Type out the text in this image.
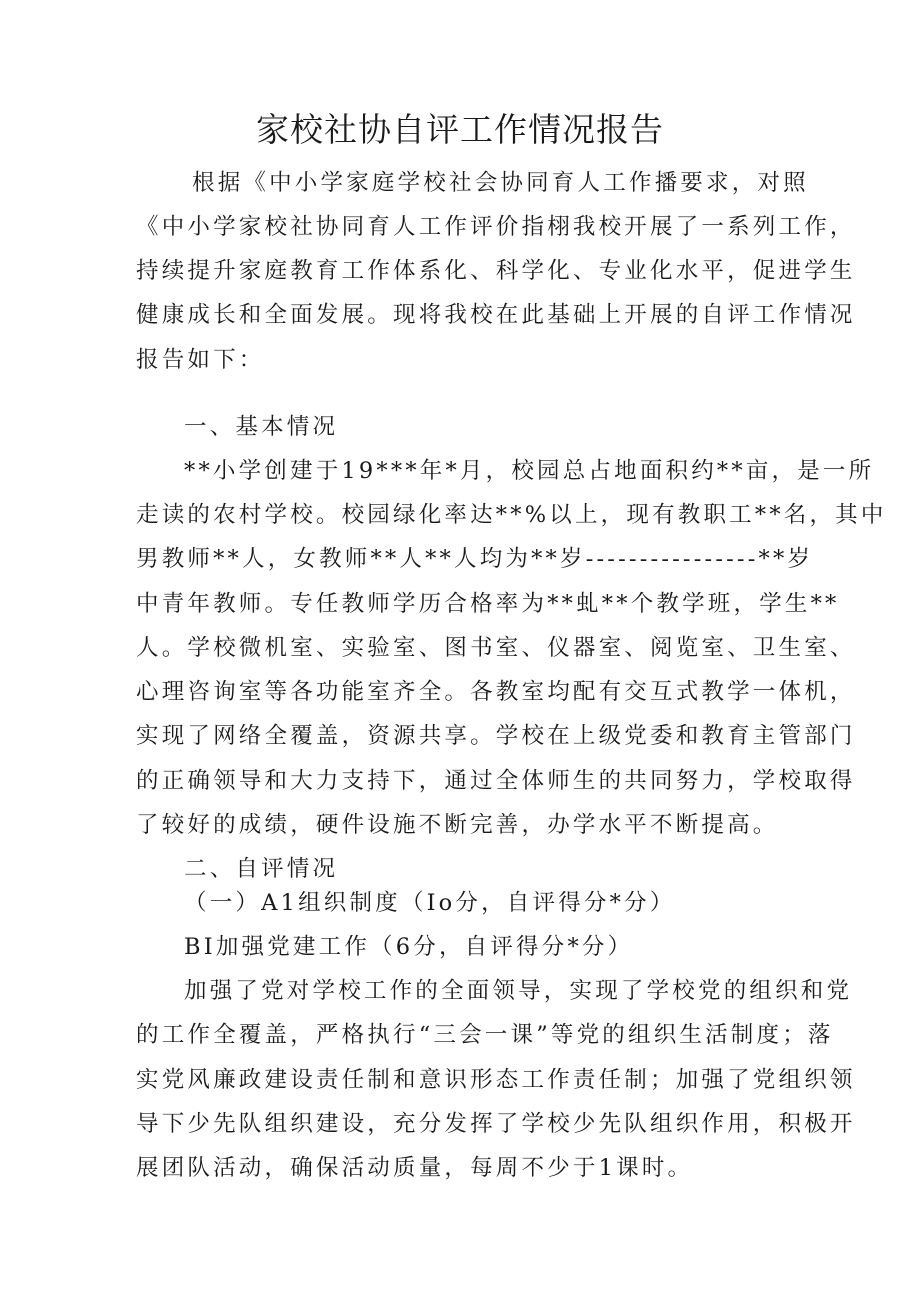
家校社协自评工作情况报告
根据《中小学家庭学校社会协同育人工作播要求，对照
《中小学家校社协同育人工作评价指栩我校开展了一系列工作，
持续提升家庭教育工作体系化、科学化、专业化水平，促进学生
健康成长和全面发展。现将我校在此基础上开展的自评工作情况
报告如下：
一、基本情况
**小学创建于19***年*月，校园总占地面积约**亩，是一所
走读的农村学校。校园绿化率达**%以上，现有教职工**名，其中
男教师**人，女教师**人**人均为**岁----------------**岁
中青年教师。专任教师学历合格率为**虬**个教学班，学生**
人。学校微机室、实验室、图书室、仪器室、阅览室、卫生室、
心理咨询室等各功能室齐全。各教室均配有交互式教学一体机，
实现了网络全覆盖，资源共享。学校在上级党委和教育主管部门
的正确领导和大力支持下，通过全体师生的共同努力，学校取得
了较好的成绩，硬件设施不断完善，办学水平不断提高。
二、自评情况
（一）A1组织制度（Io分，自评得分*分）
BI加强党建工作（6分，自评得分*分）
加强了党对学校工作的全面领导，实现了学校党的组织和党
的工作全覆盖，严格执行“三会一课”等党的组织生活制度；落
实党风廉政建设责任制和意识形态工作责任制；加强了党组织领
导下少先队组织建设，充分发挥了学校少先队组织作用，积极开
展团队活动，确保活动质量，每周不少于1课时。
